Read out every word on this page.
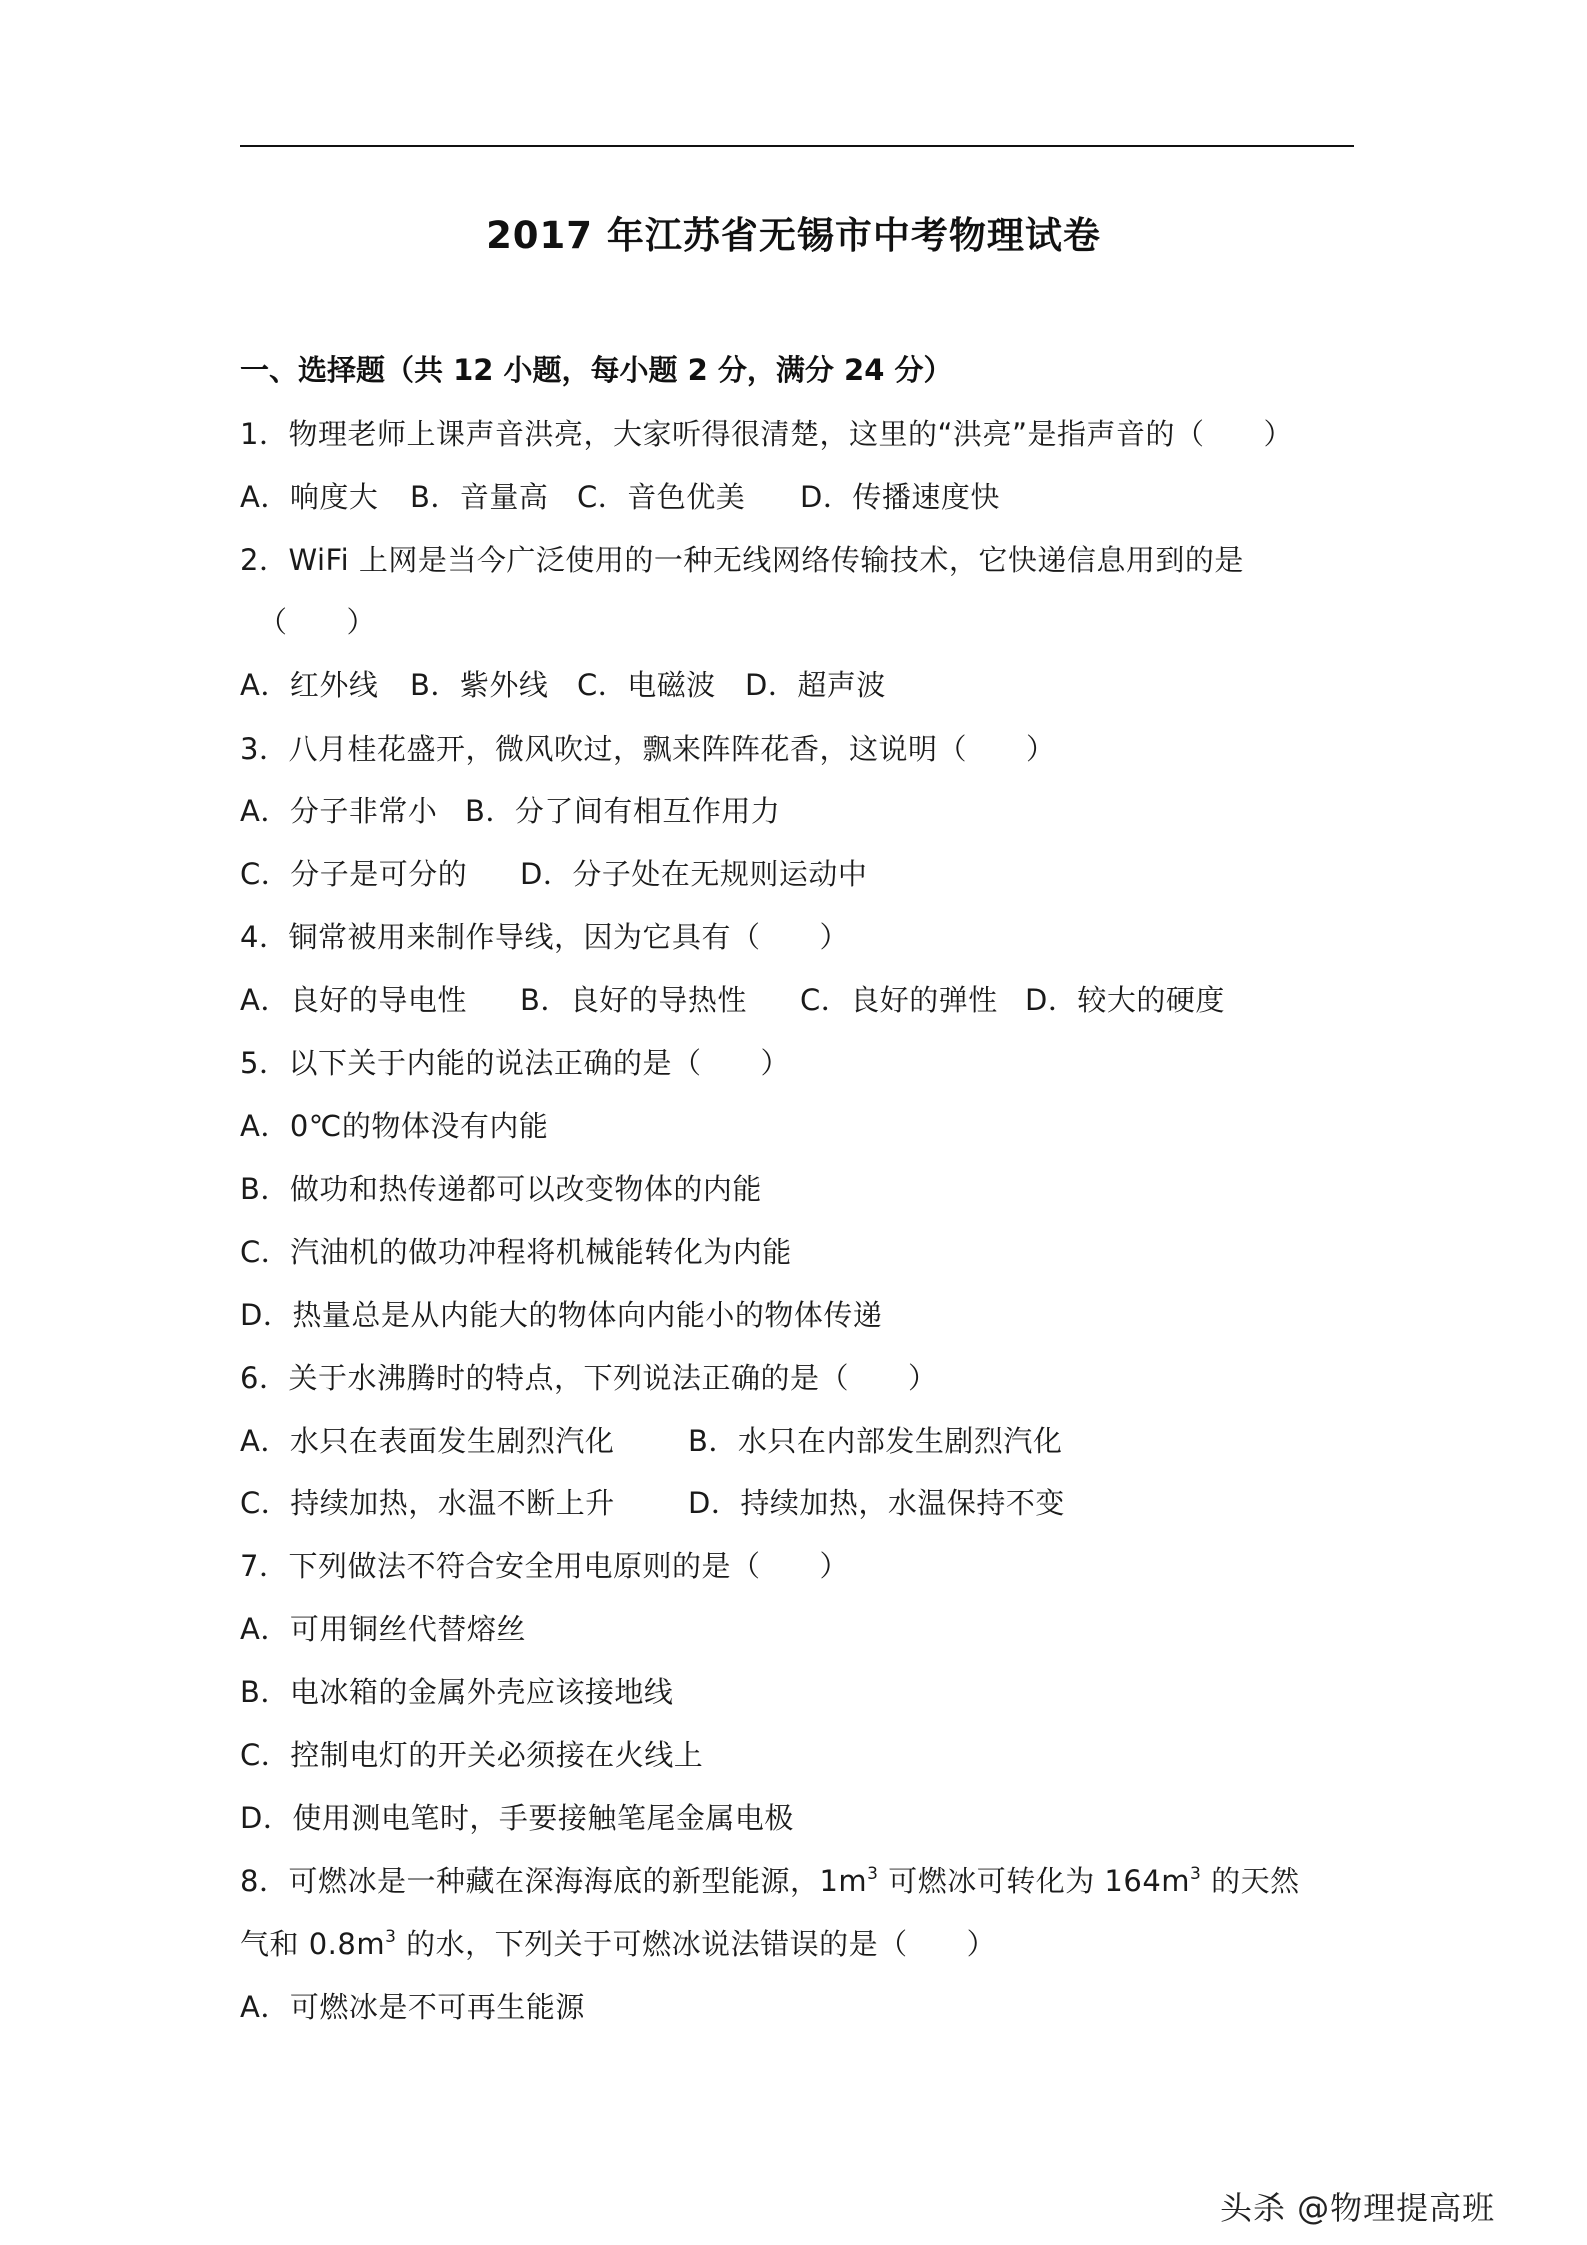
2017 年江苏省无锡市中考物理试卷
一、选择题（共 12 小题，每小题 2 分，满分 24 分）
1．物理老师上课声音洪亮，大家听得很清楚，这里的“洪亮”是指声音的（　　）
A．响度大 B．音量高 C．音色优美 D．传播速度快
2．WiFi 上网是当今广泛使用的一种无线网络传输技术，它快递信息用到的是
（　　）
A．红外线 B．紫外线 C．电磁波 D．超声波
3．八月桂花盛开，微风吹过，飘来阵阵花香，这说明（　　）
A．分子非常小 B．分了间有相互作用力
C．分子是可分的 D．分子处在无规则运动中
4．铜常被用来制作导线，因为它具有（　　）
A．良好的导电性 B．良好的导热性 C．良好的弹性 D．较大的硬度
5．以下关于内能的说法正确的是（　　）
A．0℃的物体没有内能
B．做功和热传递都可以改变物体的内能
C．汽油机的做功冲程将机械能转化为内能
D．热量总是从内能大的物体向内能小的物体传递
6．关于水沸腾时的特点，下列说法正确的是（　　）
A．水只在表面发生剧烈汽化	B．水只在内部发生剧烈汽化
C．持续加热，水温不断上升	D．持续加热，水温保持不变
7．下列做法不符合安全用电原则的是（　　）
A．可用铜丝代替熔丝
B．电冰箱的金属外壳应该接地线
C．控制电灯的开关必须接在火线上
D．使用测电笔时，手要接触笔尾金属电极
8．可燃冰是一种藏在深海海底的新型能源，$1m^3$ 可燃冰可转化为 $164m^3$ 的天然
气和 $0.8m^3$ 的水，下列关于可燃冰说法错误的是（　　）
A．可燃冰是不可再生能源
头杀 @物理提高班
